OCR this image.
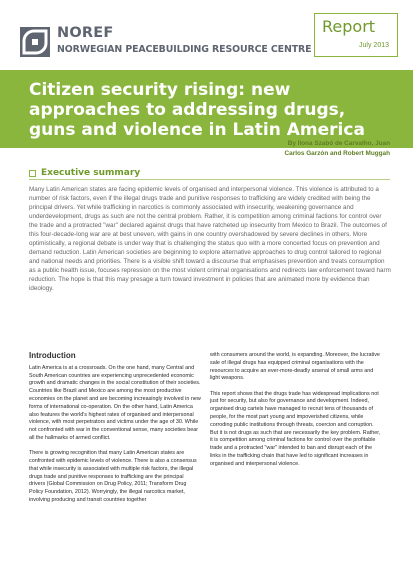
NOREF
NORWEGIAN PEACEBUILDING RESOURCE CENTRE
Report
July 2013
Citizen security rising: new approaches to addressing drugs, guns and violence in Latin America
By Ilona Szabó de Carvalho, Juan Carlos Garzón and Robert Muggah
Executive summary

Many Latin American states are facing epidemic levels of organised and interpersonal violence. This violence is attributed to a number of risk factors, even if the illegal drugs trade and punitive responses to trafficking are widely credited with being the principal drivers. Yet while trafficking in narcotics is commonly associated with insecurity, weakening governance and underdevelopment, drugs as such are not the central problem. Rather, it is competition among criminal factions for control over the trade and a protracted "war" declared against drugs that have ratcheted up insecurity from Mexico to Brazil. The outcomes of this four-decade-long war are at best uneven, with gains in one country overshadowed by severe declines in others. More optimistically, a regional debate is under way that is challenging the status quo with a more concerted focus on prevention and demand reduction. Latin American societies are beginning to explore alternative approaches to drug control tailored to regional and national needs and priorities. There is a visible shift toward a discourse that emphasises prevention and treats consumption as a public health issue, focuses repression on the most violent criminal organisations and redirects law enforcement toward harm reduction. The hope is that this may presage a turn toward investment in policies that are animated more by evidence than ideology.

Introduction

Latin America is at a crossroads. On the one hand, many Central and South American countries are experiencing unprecedented economic growth and dramatic changes in the social constitution of their societies. Countries like Brazil and Mexico are among the most productive economies on the planet and are becoming increasingly involved in new forms of international co-operation. On the other hand, Latin America also features the world's highest rates of organised and interpersonal violence, with most perpetrators and victims under the age of 30. While not confronted with war in the conventional sense, many societies bear all the hallmarks of armed conflict.

There is growing recognition that many Latin American states are confronted with epidemic levels of violence. There is also a consensus that while insecurity is associated with multiple risk factors, the illegal drugs trade and punitive responses to trafficking are the principal drivers (Global Commission on Drug Policy, 2011; Transform Drug Policy Foundation, 2012). Worryingly, the illegal narcotics market, involving producing and transit countries together

with consumers around the world, is expanding. Moreover, the lucrative sale of illegal drugs has equipped criminal organisations with the resources to acquire an ever-more-deadly arsenal of small arms and light weapons.

This report shows that the drugs trade has widespread implications not just for security, but also for governance and development. Indeed, organised drug cartels have managed to recruit tens of thousands of people, for the most part young and impoverished citizens, while corroding public institutions through threats, coercion and corruption. But it is not drugs as such that are necessarily the key problem. Rather, it is competition among criminal factions for control over the profitable trade and a protracted "war" intended to ban and disrupt each of the links in the trafficking chain that have led to significant increases in organised and interpersonal violence.
